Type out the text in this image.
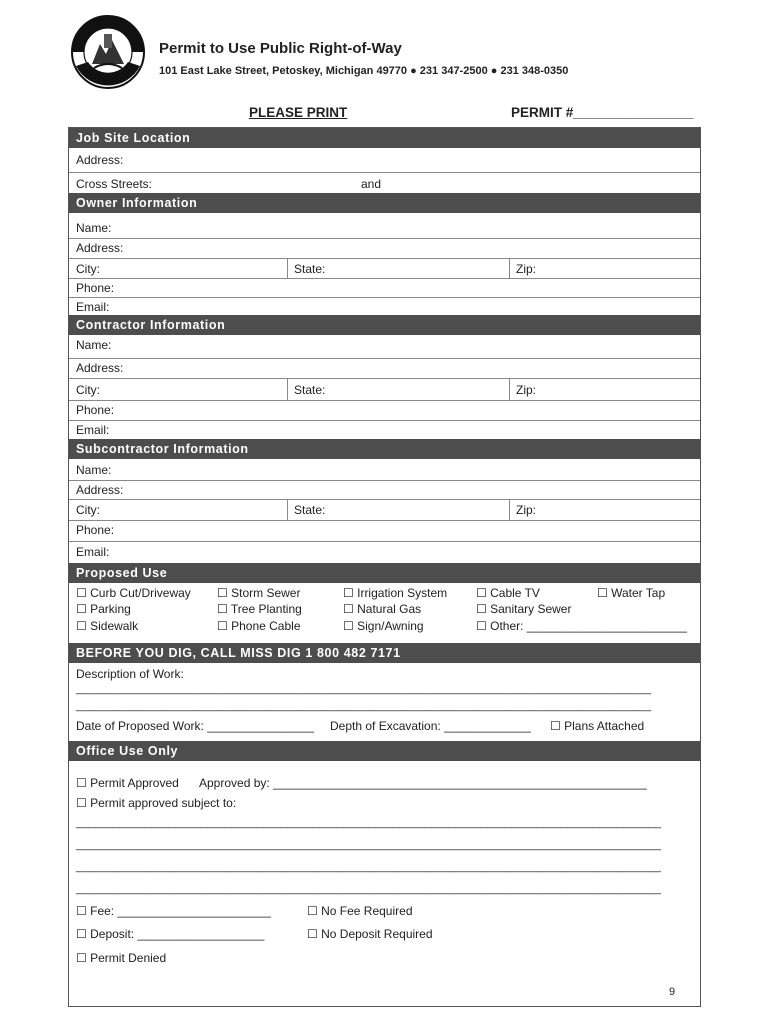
Permit to Use Public Right-of-Way
101 East Lake Street, Petoskey, Michigan 49770 ● 231 347-2500 ● 231 348-0350
PLEASE PRINT	PERMIT #________________
Job Site Location
Address:
Cross Streets:	and
Owner Information
Name:
Address:
City:	State:	Zip:
Phone:
Email:
Contractor Information
Name:
Address:
City:	State:	Zip:
Phone:
Email:
Subcontractor Information
Name:
Address:
City:	State:	Zip:
Phone:
Email:
Proposed Use
☐ Curb Cut/Driveway ☐ Storm Sewer	☐ Irrigation System ☐ Cable TV	☐ Water Tap
☐ Parking	☐ Tree Planting	☐ Natural Gas	☐ Sanitary Sewer
☐ Sidewalk	☐ Phone Cable	☐ Sign/Awning	☐ Other: ________________________
BEFORE YOU DIG, CALL MISS DIG 1 800 482 7171
Description of Work:
______________________________________________________________________________________________
______________________________________________________________________________________________
Date of Proposed Work: ________________ Depth of Excavation: _____________ ☐ Plans Attached
Office Use Only
☐ Permit Approved Approved by: ________________________________________________________
☐ Permit approved subject to:
______________________________________________________________________________________________
______________________________________________________________________________________________
______________________________________________________________________________________________
______________________________________________________________________________________________
☐ Fee: _______________________	☐ No Fee Required
☐ Deposit: ___________________	☐ No Deposit Required
☐ Permit Denied
9
